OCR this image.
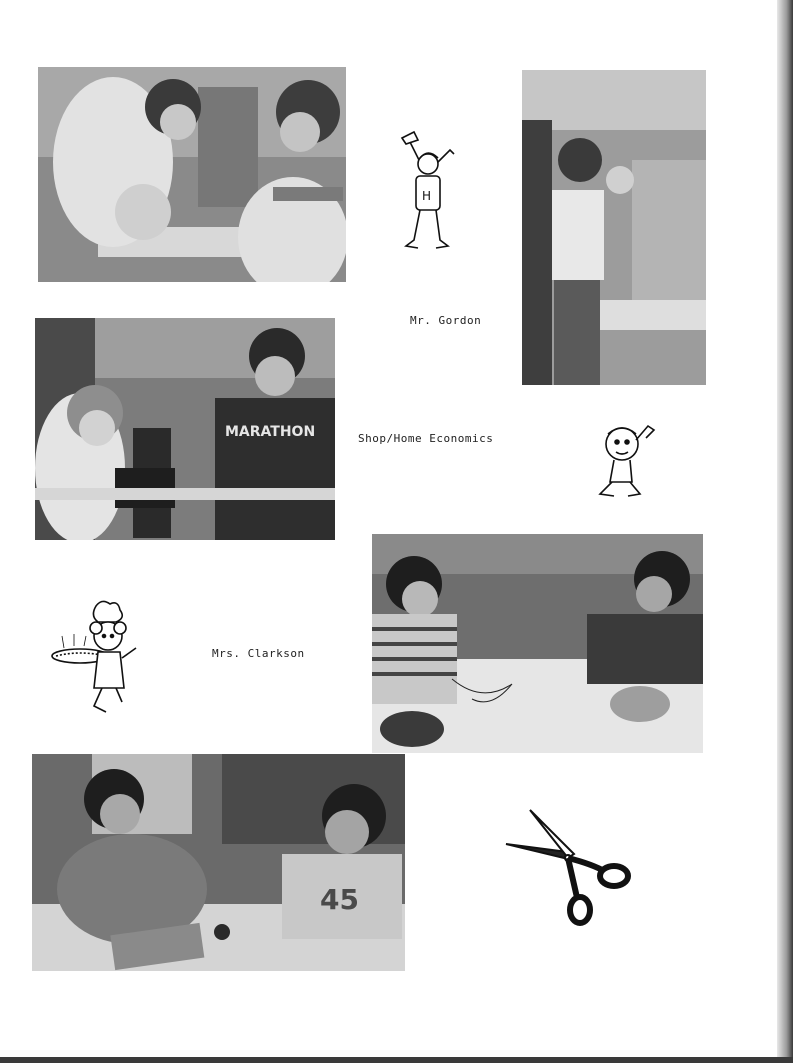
H
Mr. Gordon
MARATHON	Shop/Home Economics
Mrs. Clarkson
45
